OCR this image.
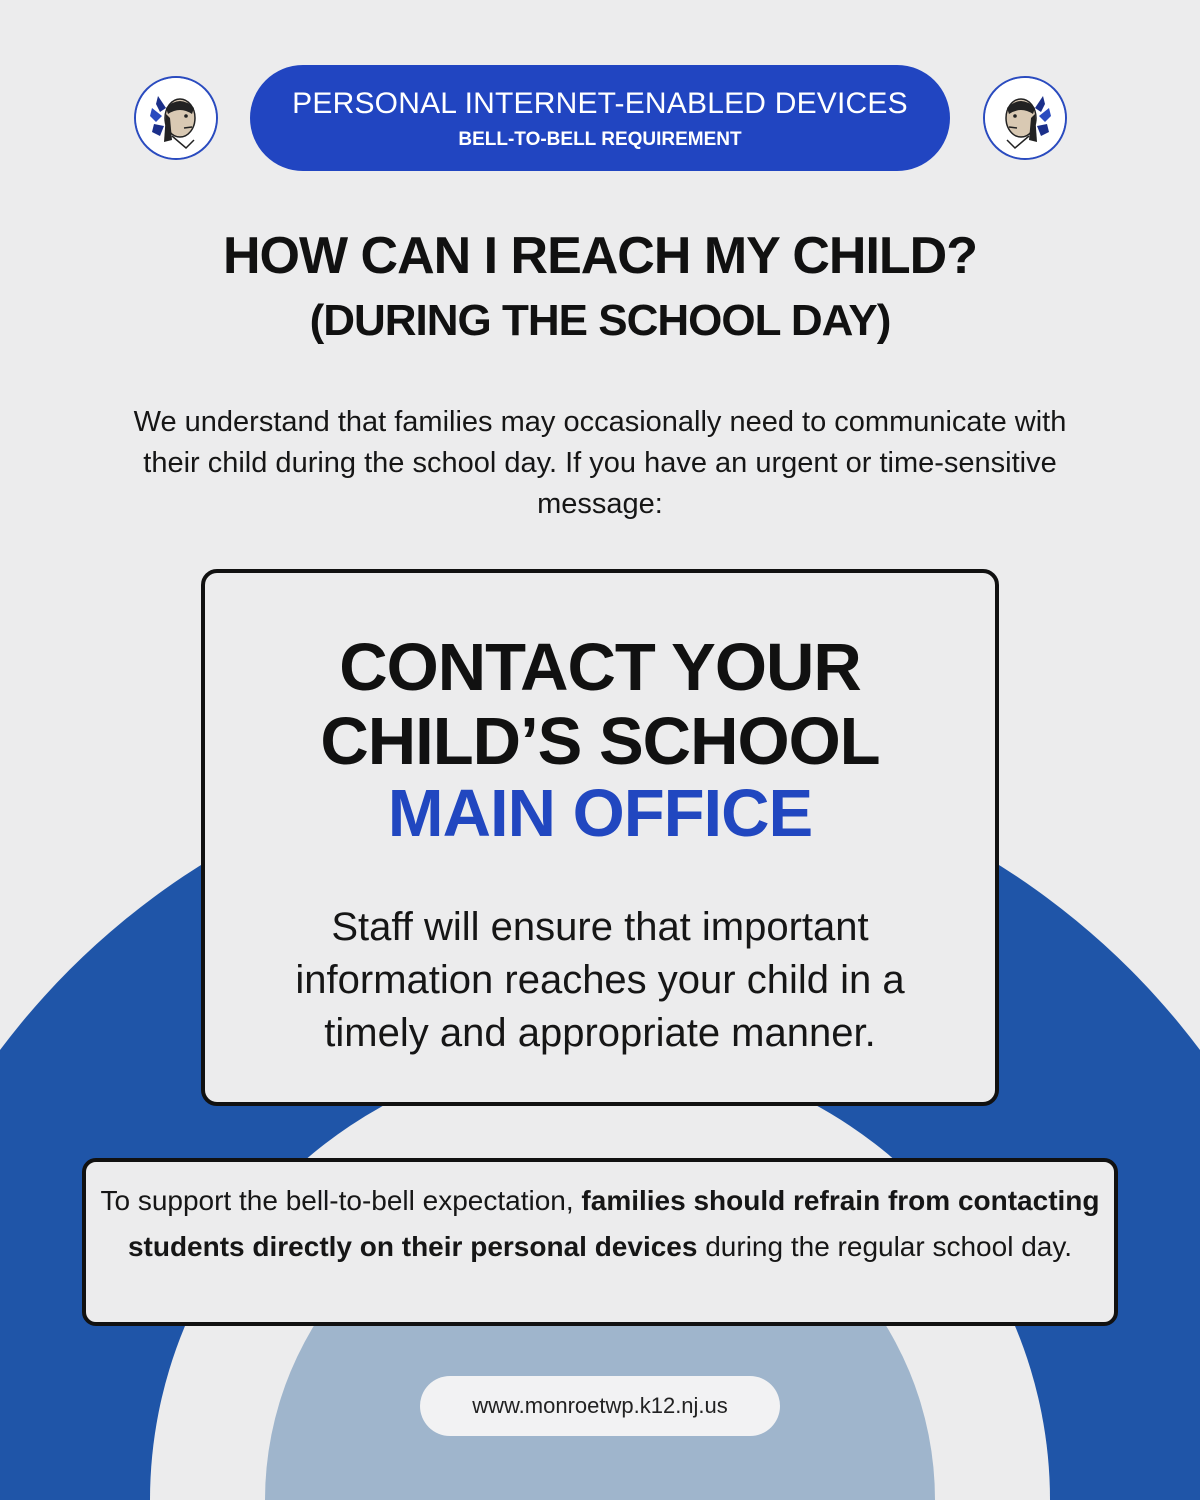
PERSONAL INTERNET-ENABLED DEVICES
BELL-TO-BELL REQUIREMENT
HOW CAN I REACH MY CHILD?
(DURING THE SCHOOL DAY)
We understand that families may occasionally need to communicate with their child during the school day. If you have an urgent or time-sensitive message:
CONTACT YOUR
CHILD’S SCHOOL
MAIN OFFICE
Staff will ensure that important information reaches your child in a timely and appropriate manner.
To support the bell-to-bell expectation, families should refrain from contacting students directly on their personal devices during the regular school day.
www.monroetwp.k12.nj.us
